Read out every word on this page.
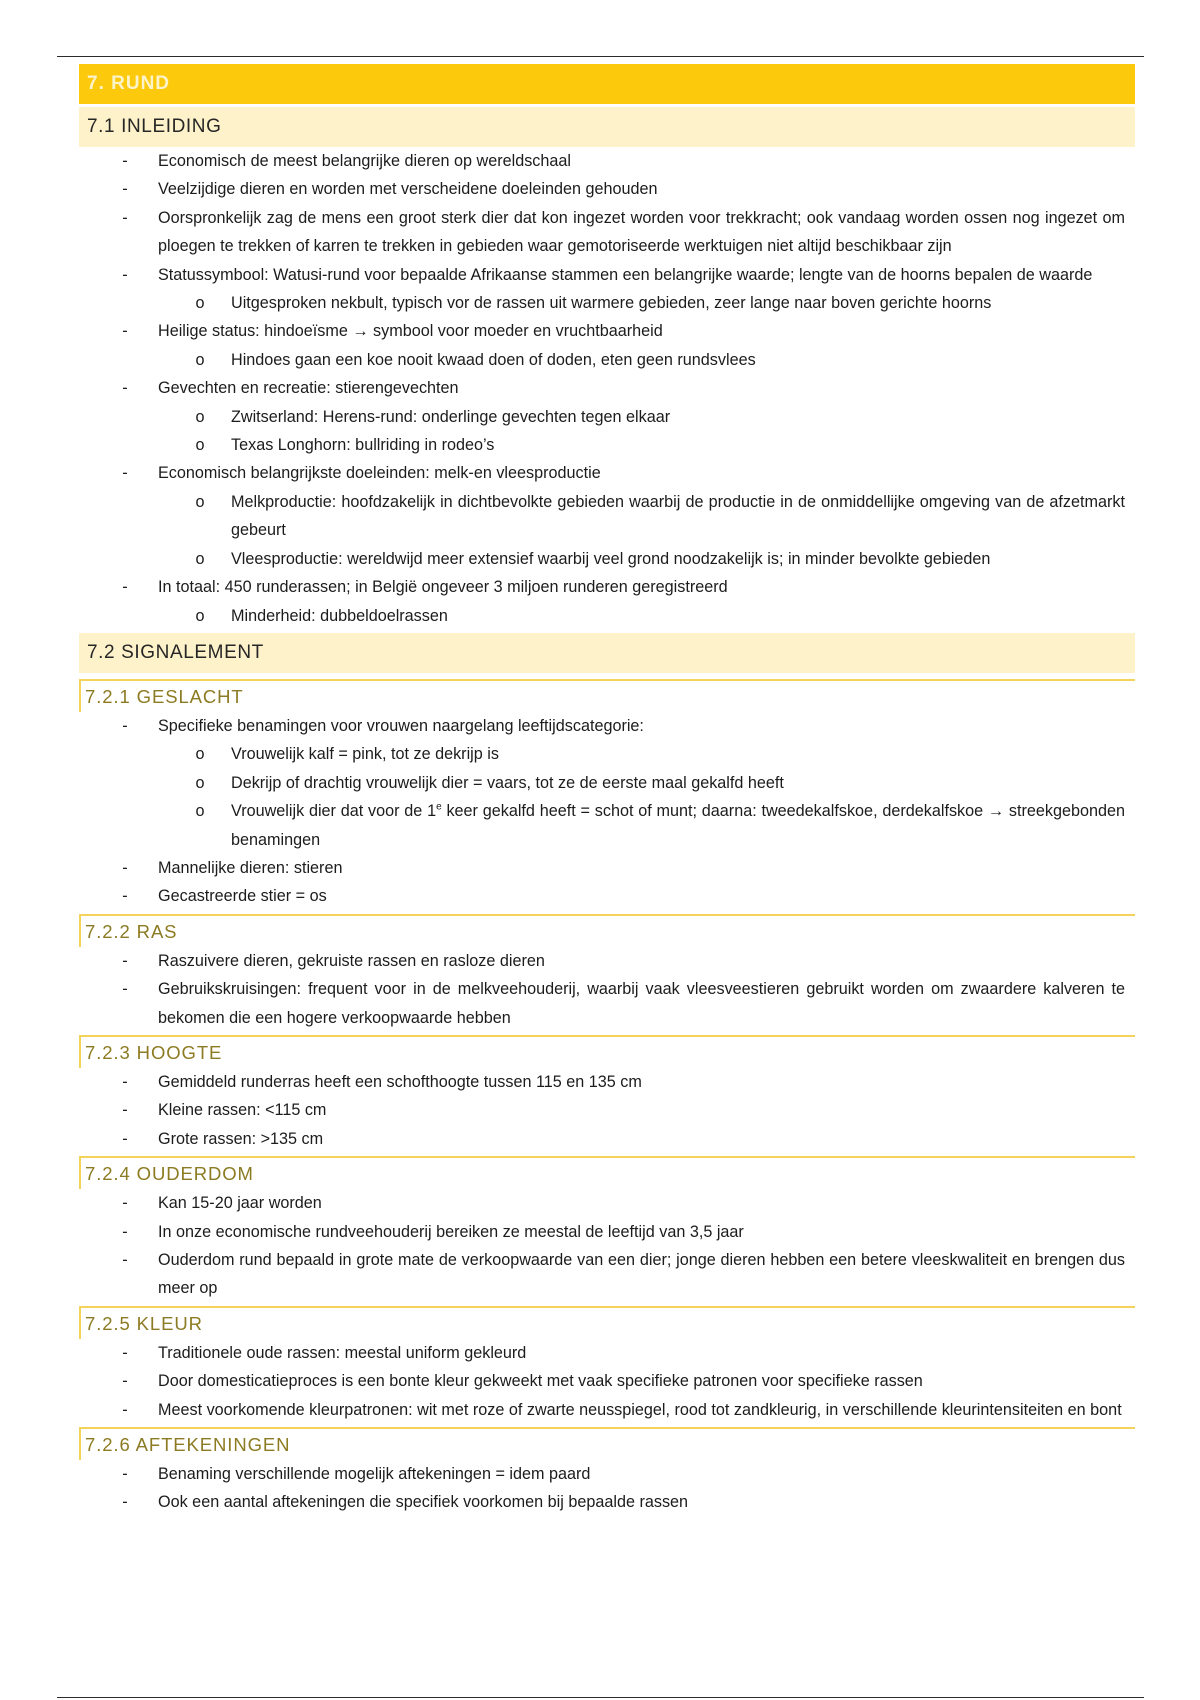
7. RUND
7.1 INLEIDING
- Economisch de meest belangrijke dieren op wereldschaal
- Veelzijdige dieren en worden met verscheidene doeleinden gehouden
- Oorspronkelijk zag de mens een groot sterk dier dat kon ingezet worden voor trekkracht; ook vandaag worden ossen nog ingezet om ploegen te trekken of karren te trekken in gebieden waar gemotoriseerde werktuigen niet altijd beschikbaar zijn
- Statussymbool: Watusi-rund voor bepaalde Afrikaanse stammen een belangrijke waarde; lengte van de hoorns bepalen de waarde
o Uitgesproken nekbult, typisch vor de rassen uit warmere gebieden, zeer lange naar boven gerichte hoorns
- Heilige status: hindoeïsme → symbool voor moeder en vruchtbaarheid
o Hindoes gaan een koe nooit kwaad doen of doden, eten geen rundsvlees
- Gevechten en recreatie: stierengevechten
o Zwitserland: Herens-rund: onderlinge gevechten tegen elkaar
o Texas Longhorn: bullriding in rodeo’s
- Economisch belangrijkste doeleinden: melk-en vleesproductie
o Melkproductie: hoofdzakelijk in dichtbevolkte gebieden waarbij de productie in de onmiddellijke omgeving van de afzetmarkt gebeurt
o Vleesproductie: wereldwijd meer extensief waarbij veel grond noodzakelijk is; in minder bevolkte gebieden
- In totaal: 450 runderassen; in België ongeveer 3 miljoen runderen geregistreerd
o Minderheid: dubbeldoelrassen
7.2 SIGNALEMENT
7.2.1 GESLACHT
- Specifieke benamingen voor vrouwen naargelang leeftijdscategorie:
o Vrouwelijk kalf = pink, tot ze dekrijp is
o Dekrijp of drachtig vrouwelijk dier = vaars, tot ze de eerste maal gekalfd heeft
o Vrouwelijk dier dat voor de 1e keer gekalfd heeft = schot of munt; daarna: tweedekalfskoe, derdekalfskoe → streekgebonden benamingen
- Mannelijke dieren: stieren
- Gecastreerde stier = os
7.2.2 RAS
- Raszuivere dieren, gekruiste rassen en rasloze dieren
- Gebruikskruisingen: frequent voor in de melkveehouderij, waarbij vaak vleesveestieren gebruikt worden om zwaardere kalveren te bekomen die een hogere verkoopwaarde hebben
7.2.3 HOOGTE
- Gemiddeld runderras heeft een schofthoogte tussen 115 en 135 cm
- Kleine rassen: <115 cm
- Grote rassen: >135 cm
7.2.4 OUDERDOM
- Kan 15-20 jaar worden
- In onze economische rundveehouderij bereiken ze meestal de leeftijd van 3,5 jaar
- Ouderdom rund bepaald in grote mate de verkoopwaarde van een dier; jonge dieren hebben een betere vleeskwaliteit en brengen dus meer op
7.2.5 KLEUR
- Traditionele oude rassen: meestal uniform gekleurd
- Door domesticatieproces is een bonte kleur gekweekt met vaak specifieke patronen voor specifieke rassen
- Meest voorkomende kleurpatronen: wit met roze of zwarte neusspiegel, rood tot zandkleurig, in verschillende kleurintensiteiten en bont
7.2.6 AFTEKENINGEN
- Benaming verschillende mogelijk aftekeningen = idem paard
- Ook een aantal aftekeningen die specifiek voorkomen bij bepaalde rassen
